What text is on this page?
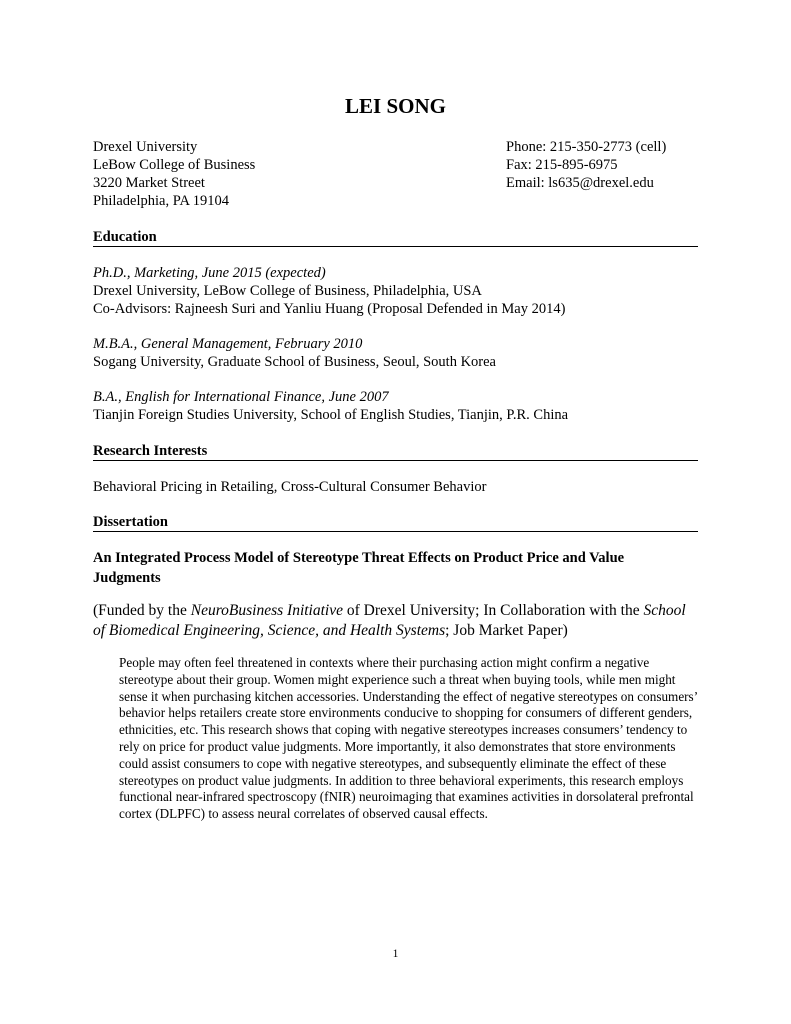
LEI SONG
Drexel University
LeBow College of Business
3220 Market Street
Philadelphia, PA 19104
Phone: 215-350-2773 (cell)
Fax: 215-895-6975
Email: ls635@drexel.edu
Education
Ph.D., Marketing, June 2015 (expected)
Drexel University, LeBow College of Business, Philadelphia, USA
Co-Advisors: Rajneesh Suri and Yanliu Huang (Proposal Defended in May 2014)
M.B.A., General Management, February 2010
Sogang University, Graduate School of Business, Seoul, South Korea
B.A., English for International Finance, June 2007
Tianjin Foreign Studies University, School of English Studies, Tianjin, P.R. China
Research Interests
Behavioral Pricing in Retailing, Cross-Cultural Consumer Behavior
Dissertation
An Integrated Process Model of Stereotype Threat Effects on Product Price and Value Judgments
(Funded by the NeuroBusiness Initiative of Drexel University; In Collaboration with the School of Biomedical Engineering, Science, and Health Systems; Job Market Paper)
People may often feel threatened in contexts where their purchasing action might confirm a negative stereotype about their group. Women might experience such a threat when buying tools, while men might sense it when purchasing kitchen accessories. Understanding the effect of negative stereotypes on consumers’ behavior helps retailers create store environments conducive to shopping for consumers of different genders, ethnicities, etc. This research shows that coping with negative stereotypes increases consumers’ tendency to rely on price for product value judgments. More importantly, it also demonstrates that store environments could assist consumers to cope with negative stereotypes, and subsequently eliminate the effect of these stereotypes on product value judgments. In addition to three behavioral experiments, this research employs functional near-infrared spectroscopy (fNIR) neuroimaging that examines activities in dorsolateral prefrontal cortex (DLPFC) to assess neural correlates of observed causal effects.
1
